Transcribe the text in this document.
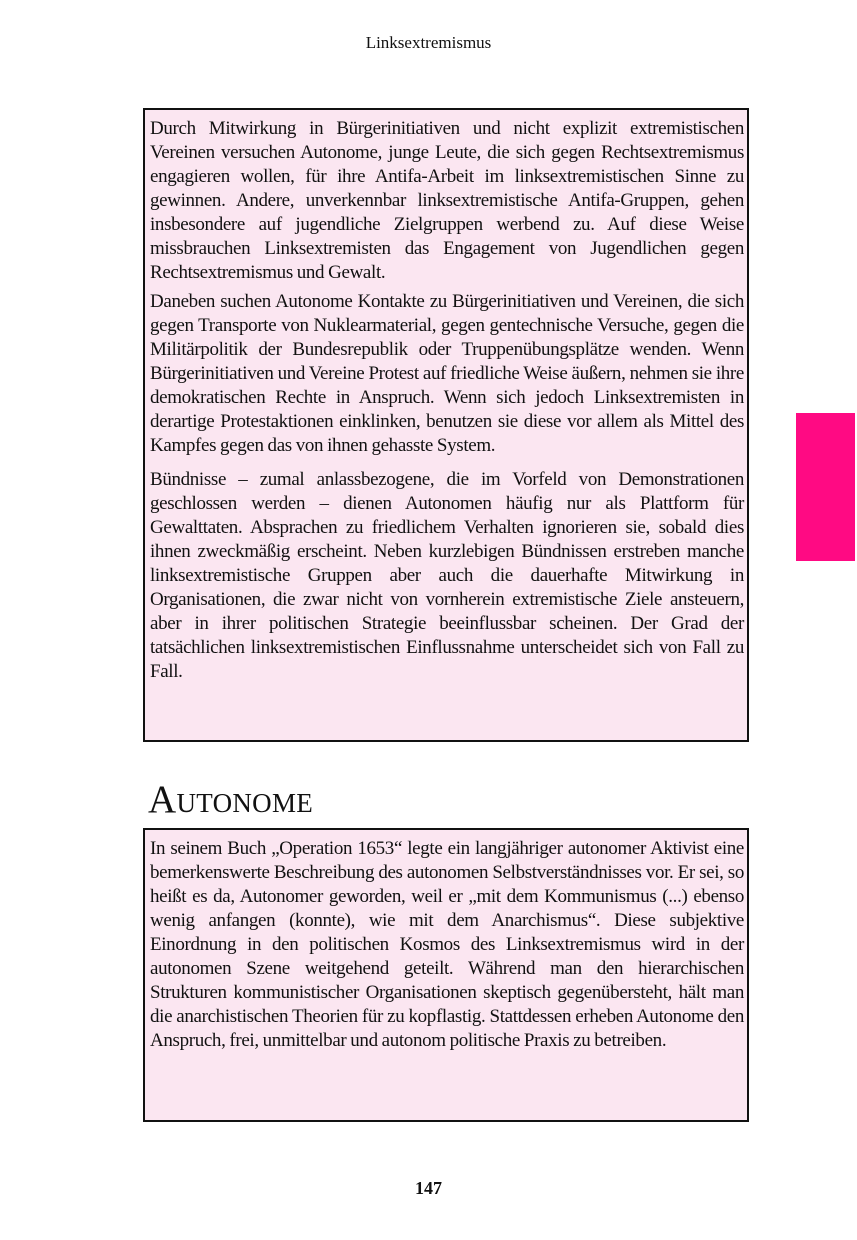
Linksextremismus

Durch Mitwirkung in Bürgerinitiativen und nicht explizit extremistischen Vereinen versuchen Autonome, junge Leute, die sich gegen Rechtsextremismus engagieren wollen, für ihre Antifa-Arbeit im linksextremistischen Sinne zu gewinnen. Andere, unverkennbar linksextremistische Antifa-Gruppen, gehen insbesondere auf jugendliche Zielgruppen werbend zu. Auf diese Weise missbrauchen Linksextremisten das Engagement von Jugendlichen gegen Rechtsextremismus und Gewalt.

Daneben suchen Autonome Kontakte zu Bürgerinitiativen und Vereinen, die sich gegen Transporte von Nuklearmaterial, gegen gentechnische Versuche, gegen die Militärpolitik der Bundesrepublik oder Truppenübungsplätze wenden. Wenn Bürgerinitiativen und Vereine Protest auf friedliche Weise äußern, nehmen sie ihre demokratischen Rechte in Anspruch. Wenn sich jedoch Linksextremisten in derartige Protestaktionen einklinken, benutzen sie diese vor allem als Mittel des Kampfes gegen das von ihnen gehasste System.

Bündnisse – zumal anlassbezogene, die im Vorfeld von Demonstrationen geschlossen werden – dienen Autonomen häufig nur als Plattform für Gewalttaten. Absprachen zu friedlichem Verhalten ignorieren sie, sobald dies ihnen zweckmäßig erscheint. Neben kurzlebigen Bündnissen erstreben manche linksextremistische Gruppen aber auch die dauerhafte Mitwirkung in Organisationen, die zwar nicht von vornherein extremistische Ziele ansteuern, aber in ihrer politischen Strategie beeinflussbar scheinen. Der Grad der tatsächlichen linksextremistischen Einflussnahme unterscheidet sich von Fall zu Fall.

Autonome

In seinem Buch „Operation 1653“ legte ein langjähriger autonomer Aktivist eine bemerkenswerte Beschreibung des autonomen Selbstverständnisses vor. Er sei, so heißt es da, Autonomer geworden, weil er „mit dem Kommunismus (...) ebenso wenig anfangen (konnte), wie mit dem Anarchismus“. Diese subjektive Einordnung in den politischen Kosmos des Linksextremismus wird in der autonomen Szene weitgehend geteilt. Während man den hierarchischen Strukturen kommunistischer Organisationen skeptisch gegenübersteht, hält man die anarchistischen Theorien für zu kopflastig. Stattdessen erheben Autonome den Anspruch, frei, unmittelbar und autonom politische Praxis zu betreiben.

147
